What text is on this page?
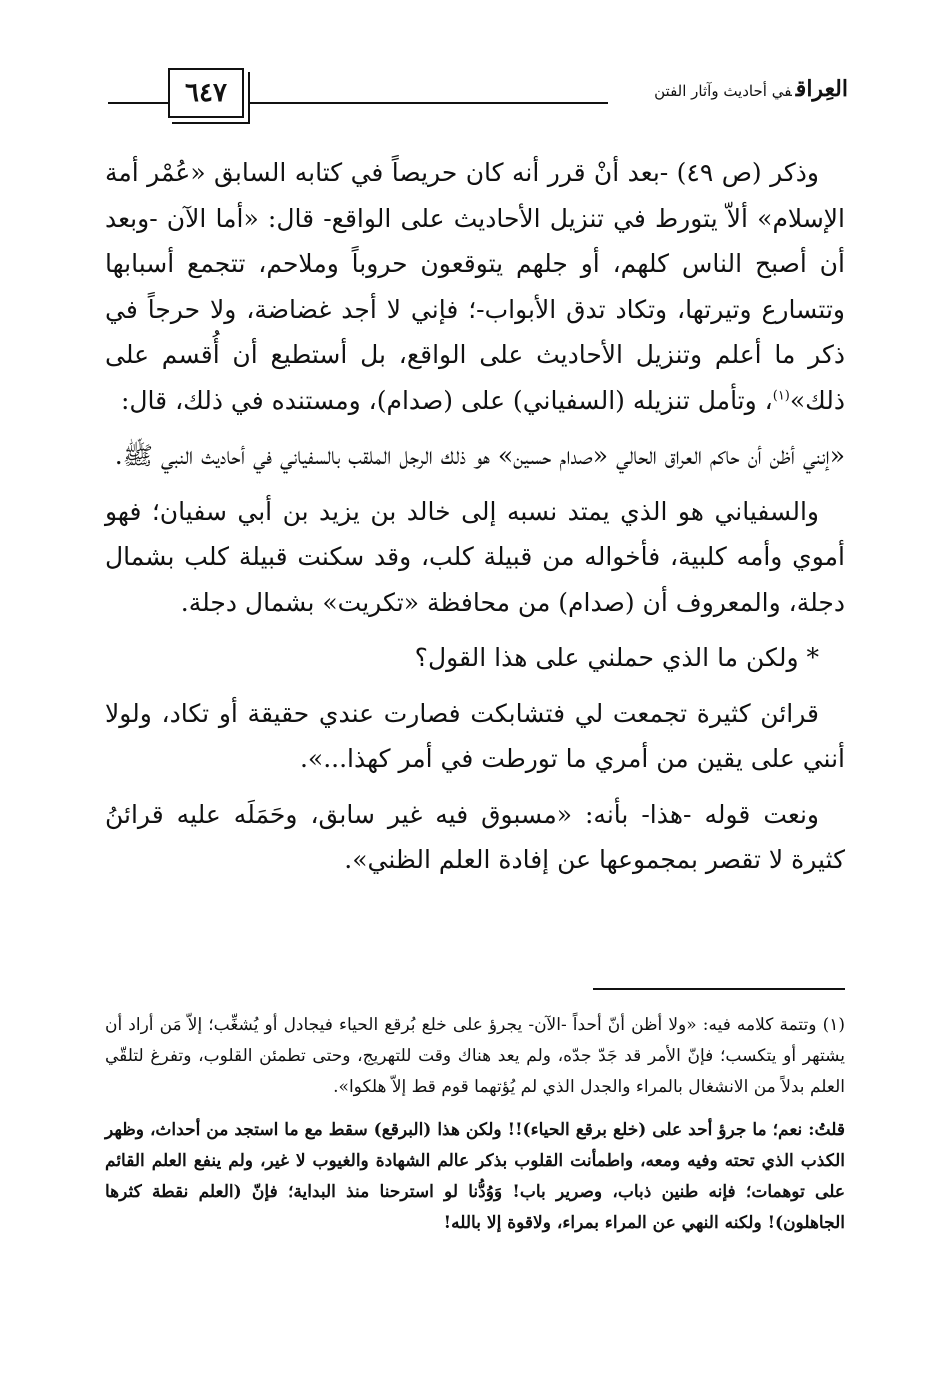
٦٤٧	العِراقفي أحاديث وآثار الفتن

وذكر (ص ٤٩) -بعد أنْ قرر أنه كان حريصاً في كتابه السابق «عُمْر أمة الإسلام» ألاّ يتورط في تنزيل الأحاديث على الواقع- قال: «أما الآن -وبعد أن أصبح الناس كلهم، أو جلهم يتوقعون حروباً وملاحم، تتجمع أسبابها وتتسارع وتيرتها، وتكاد تدق الأبواب-؛ فإني لا أجد غضاضة، ولا حرجاً في ذكر ما أعلم وتنزيل الأحاديث على الواقع، بل أستطيع أن أُقسم على ذلك»$^{(١)}$، وتأمل تنزيله (السفياني) على (صدام)، ومستنده في ذلك، قال:

«إنني أظن أن حاكم العراق الحالي «صدام حسين» هو ذلك الرجل الملقب بالسفياني في أحاديث النبي ﷺ.

والسفياني هو الذي يمتد نسبه إلى خالد بن يزيد بن أبي سفيان؛ فهو أموي وأمه كلبية، فأخواله من قبيلة كلب، وقد سكنت قبيلة كلب بشمال دجلة، والمعروف أن (صدام) من محافظة «تكريت» بشمال دجلة.

* ولكن ما الذي حملني على هذا القول؟

قرائن كثيرة تجمعت لي فتشابكت فصارت عندي حقيقة أو تكاد، ولولا أنني على يقين من أمري ما تورطت في أمر كهذا...».

ونعت قوله -هذا- بأنه: «مسبوق فيه غير سابق، وحَمَلَه عليه قرائنُ كثيرة لا تقصر بمجموعها عن إفادة العلم الظني».

(١) وتتمة كلامه فيه: «ولا أظن أنّ أحداً -الآن- يجرؤ على خلع بُرقع الحياء فيجادل أو يُشغِّب؛ إلاّ مَن أراد أن يشتهر أو يتكسب؛ فإنّ الأمر قد جَدّ جدّه، ولم يعد هناك وقت للتهريج، وحتى تطمئن القلوب، وتفرغ لتلقّي العلم بدلاً من الانشغال بالمراء والجدل الذي لم يُؤتهما قوم قط إلاّ هلكوا».

قلتُ: نعم؛ ما جرؤ أحد على (خلع برقع الحياء)!! ولكن هذا (البرقع) سقط مع ما استجد من أحداث، وظهر الكذب الذي تحته وفيه ومعه، واطمأنت القلوب بذكر عالم الشهادة والغيوب لا غير، ولم ينفع العلم القائم على توهمات؛ فإنه طنين ذباب، وصرير باب! وَوُدُّنا لو استرحنا منذ البداية؛ فإنّ (العلم نقطة كثرها الجاهلون)! ولكنه النهي عن المراء بمراء، ولاقوة إلا بالله!
